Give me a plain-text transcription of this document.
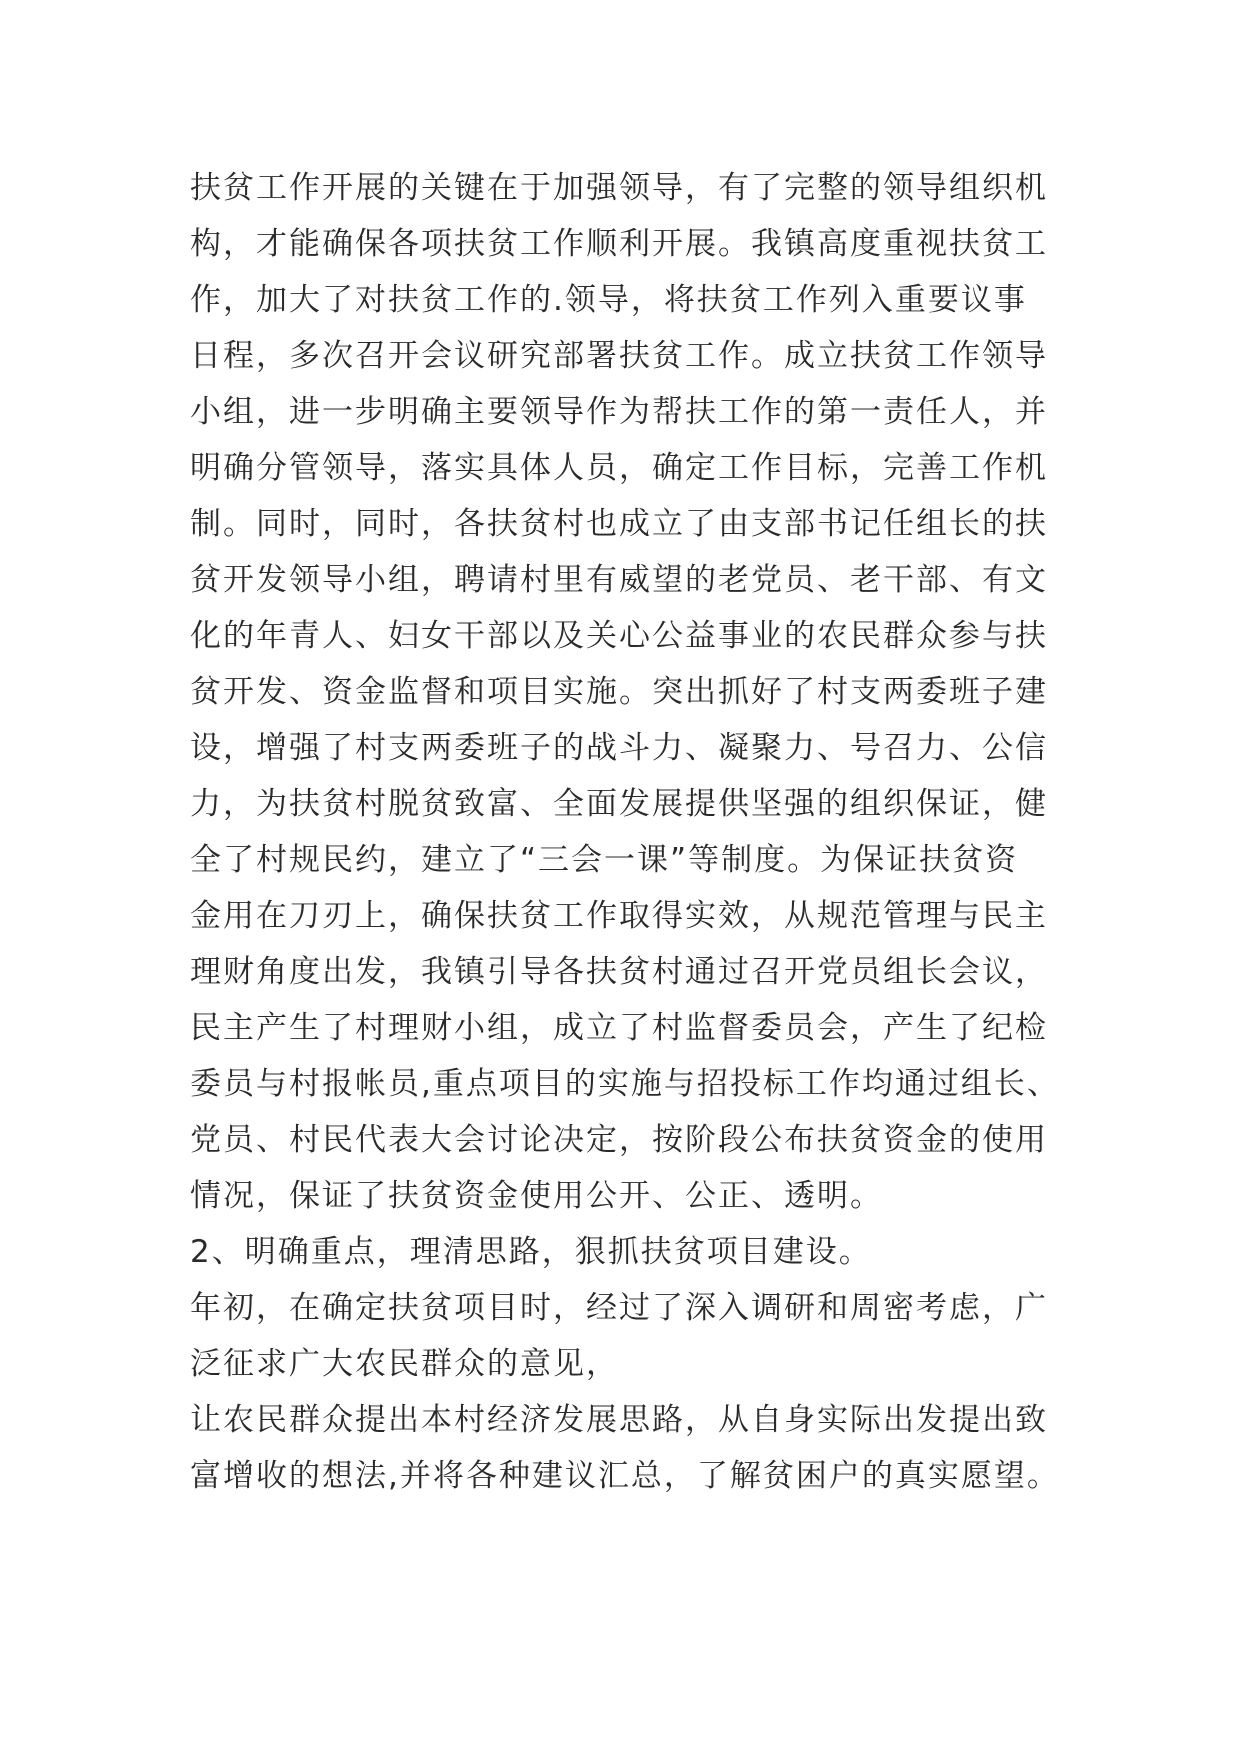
扶贫工作开展的关键在于加强领导，有了完整的领导组织机
构，才能确保各项扶贫工作顺利开展。我镇高度重视扶贫工
作，加大了对扶贫工作的.领导，将扶贫工作列入重要议事
日程，多次召开会议研究部署扶贫工作。成立扶贫工作领导
小组，进一步明确主要领导作为帮扶工作的第一责任人，并
明确分管领导，落实具体人员，确定工作目标，完善工作机
制。同时，同时，各扶贫村也成立了由支部书记任组长的扶
贫开发领导小组，聘请村里有威望的老党员、老干部、有文
化的年青人、妇女干部以及关心公益事业的农民群众参与扶
贫开发、资金监督和项目实施。突出抓好了村支两委班子建
设，增强了村支两委班子的战斗力、凝聚力、号召力、公信
力，为扶贫村脱贫致富、全面发展提供坚强的组织保证，健
全了村规民约，建立了“三会一课”等制度。为保证扶贫资
金用在刀刃上，确保扶贫工作取得实效，从规范管理与民主
理财角度出发，我镇引导各扶贫村通过召开党员组长会议，
民主产生了村理财小组，成立了村监督委员会，产生了纪检
委员与村报帐员,重点项目的实施与招投标工作均通过组长、
党员、村民代表大会讨论决定，按阶段公布扶贫资金的使用
情况，保证了扶贫资金使用公开、公正、透明。
2、明确重点，理清思路，狠抓扶贫项目建设。
年初，在确定扶贫项目时，经过了深入调研和周密考虑，广
泛征求广大农民群众的意见，
让农民群众提出本村经济发展思路，从自身实际出发提出致
富增收的想法,并将各种建议汇总，了解贫困户的真实愿望。
